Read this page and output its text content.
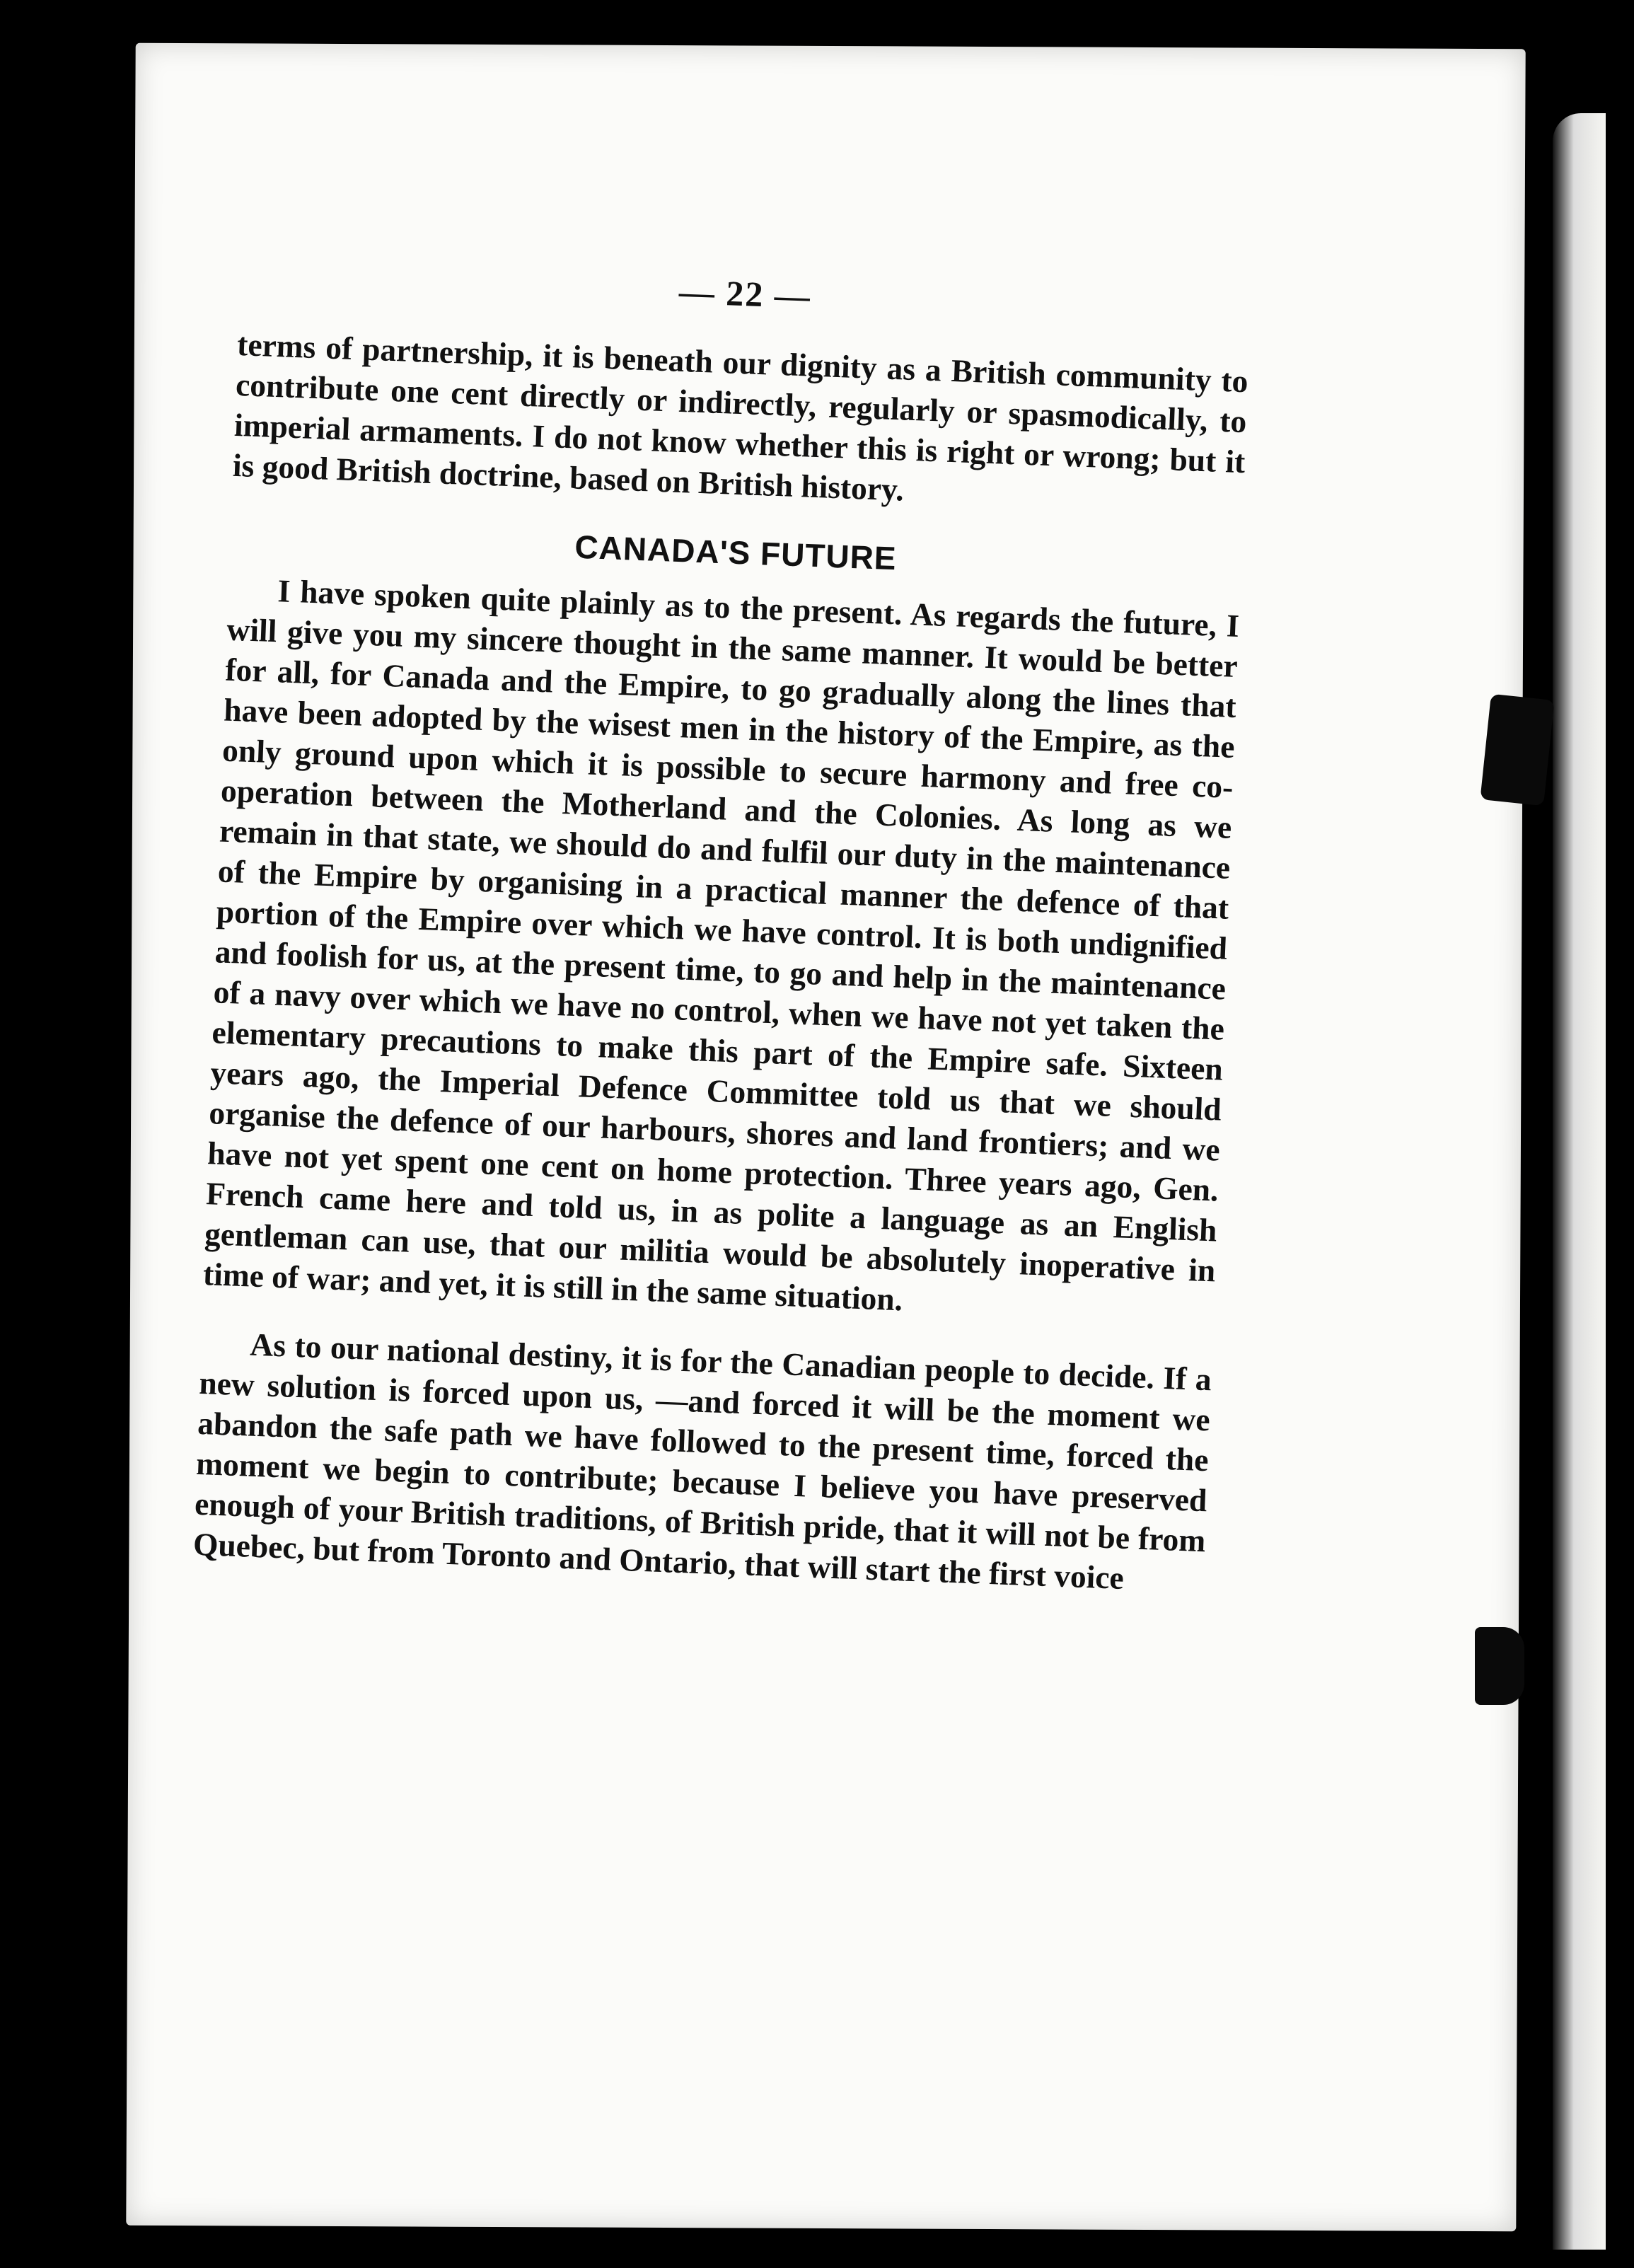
— 22 —

terms of partnership, it is beneath our dignity as a British community to contribute one cent directly or indirectly, regularly or spasmodically, to imperial armaments. I do not know whether this is right or wrong; but it is good British doctrine, based on British history.

CANADA'S FUTURE

I have spoken quite plainly as to the present. As regards the future, I will give you my sincere thought in the same manner. It would be better for all, for Canada and the Empire, to go gradually along the lines that have been adopted by the wisest men in the history of the Empire, as the only ground upon which it is possible to secure harmony and free co-operation between the Motherland and the Colonies. As long as we remain in that state, we should do and fulfil our duty in the maintenance of the Empire by organising in a practical manner the defence of that portion of the Empire over which we have control. It is both undignified and foolish for us, at the present time, to go and help in the maintenance of a navy over which we have no control, when we have not yet taken the elementary precautions to make this part of the Empire safe. Sixteen years ago, the Imperial Defence Committee told us that we should organise the defence of our harbours, shores and land frontiers; and we have not yet spent one cent on home protection. Three years ago, Gen. French came here and told us, in as polite a language as an English gentleman can use, that our militia would be absolutely inoperative in time of war; and yet, it is still in the same situation.

As to our national destiny, it is for the Canadian people to decide. If a new solution is forced upon us, —and forced it will be the moment we abandon the safe path we have followed to the present time, forced the moment we begin to contribute; because I believe you have preserved enough of your British traditions, of British pride, that it will not be from Quebec, but from Toronto and Ontario, that will start the first voice
